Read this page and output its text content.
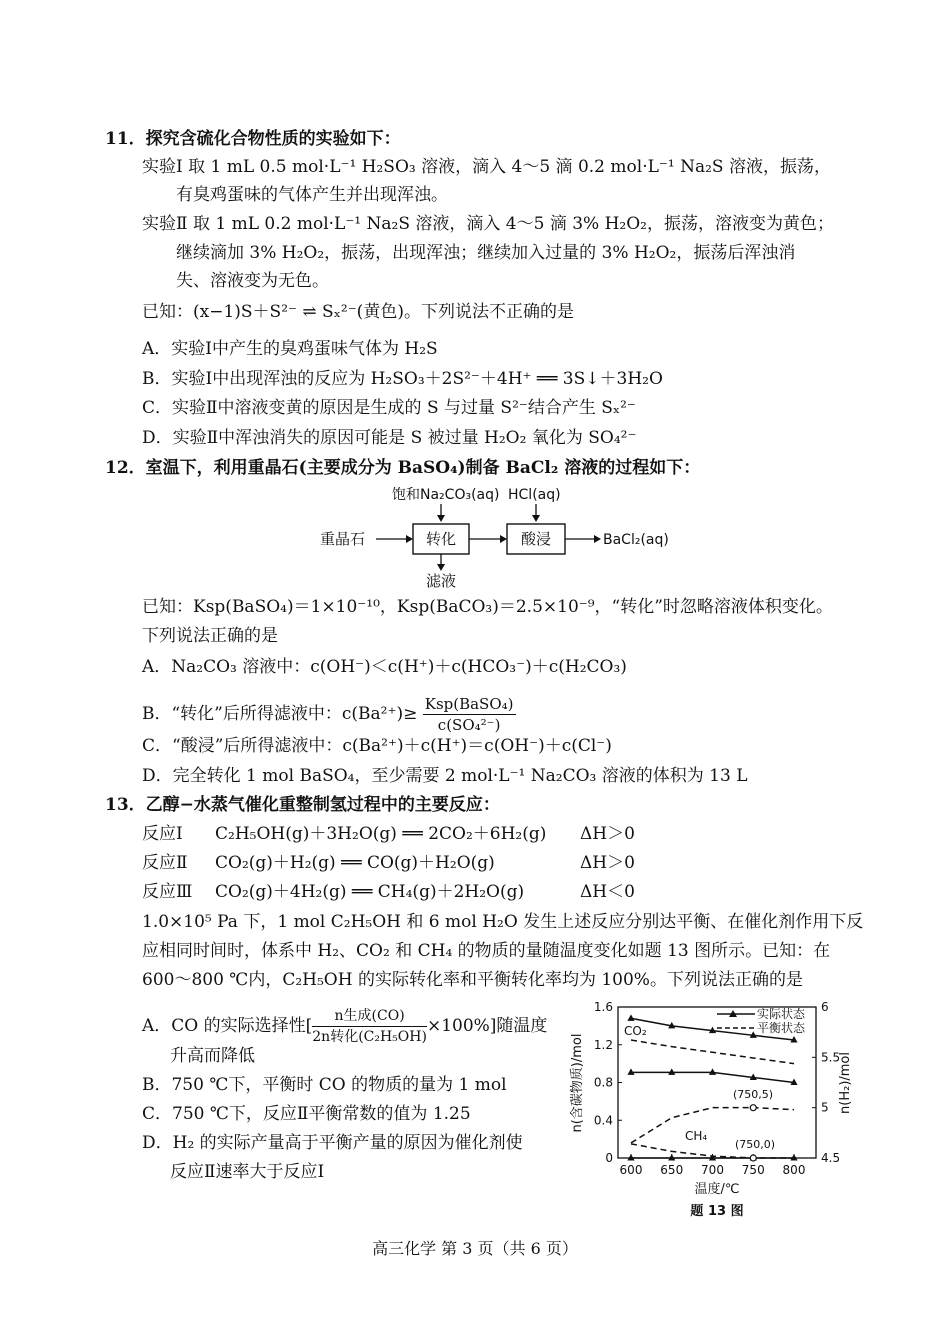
11．探究含硫化合物性质的实验如下：
实验Ⅰ 取 1 mL 0.5 mol·L⁻¹ H₂SO₃ 溶液，滴入 4～5 滴 0.2 mol·L⁻¹ Na₂S 溶液，振荡，
有臭鸡蛋味的气体产生并出现浑浊。
实验Ⅱ 取 1 mL 0.2 mol·L⁻¹ Na₂S 溶液，滴入 4～5 滴 3% H₂O₂，振荡，溶液变为黄色；
继续滴加 3% H₂O₂，振荡，出现浑浊；继续加入过量的 3% H₂O₂，振荡后浑浊消
失、溶液变为无色。
已知：(x−1)S＋S²⁻ ⇌ Sₓ²⁻(黄色)。下列说法不正确的是
A．实验Ⅰ中产生的臭鸡蛋味气体为 H₂S
B．实验Ⅰ中出现浑浊的反应为 H₂SO₃＋2S²⁻＋4H⁺ ══ 3S↓＋3H₂O
C．实验Ⅱ中溶液变黄的原因是生成的 S 与过量 S²⁻结合产生 Sₓ²⁻
D．实验Ⅱ中浑浊消失的原因可能是 S 被过量 H₂O₂ 氧化为 SO₄²⁻
12．室温下，利用重晶石(主要成分为 BaSO₄)制备 BaCl₂ 溶液的过程如下：
饱和Na₂CO₃(aq) HCl(aq)
重晶石	转化	酸浸	BaCl₂(aq)
滤液
已知：Ksp(BaSO₄)＝1×10⁻¹⁰，Ksp(BaCO₃)＝2.5×10⁻⁹，“转化”时忽略溶液体积变化。
下列说法正确的是
A．Na₂CO₃ 溶液中：c(OH⁻)＜c(H⁺)＋c(HCO₃⁻)＋c(H₂CO₃)
B．“转化”后所得滤液中：c(Ba²⁺)≥ Ksp(BaSO₄)
c(SO₄²⁻)
C．“酸浸”后所得滤液中：c(Ba²⁺)＋c(H⁺)＝c(OH⁻)＋c(Cl⁻)
D．完全转化 1 mol BaSO₄，至少需要 2 mol·L⁻¹ Na₂CO₃ 溶液的体积为 13 L
13．乙醇−水蒸气催化重整制氢过程中的主要反应：
反应Ⅰ C₂H₅OH(g)＋3H₂O(g) ══ 2CO₂＋6H₂(g) ΔH＞0
反应Ⅱ CO₂(g)＋H₂(g) ══ CO(g)＋H₂O(g)	ΔH＞0
反应Ⅲ CO₂(g)＋4H₂(g) ══ CH₄(g)＋2H₂O(g)	ΔH＜0
1.0×10⁵ Pa 下，1 mol C₂H₅OH 和 6 mol H₂O 发生上述反应分别达平衡、在催化剂作用下反
应相同时间时，体系中 H₂、CO₂ 和 CH₄ 的物质的量随温度变化如题 13 图所示。已知：在
600～800 ℃内，C₂H₅OH 的实际转化率和平衡转化率均为 100%。下列说法正确的是
A．CO 的实际选择性[	n生成(CO)
2n转化(C₂H₅OH)
×100%]随温度
升高而降低
B．750 ℃下，平衡时 CO 的物质的量为 1 mol
C．750 ℃下，反应Ⅱ平衡常数的值为 1.25
D．H₂ 的实际产量高于平衡产量的原因为催化剂使
反应Ⅱ速率大于反应Ⅰ
n(含碳物质)/mol	n(H₂)/mol
温度/℃
题 13 图
实际状态
平衡状态
CO₂
CH₄
(750,5)
(750,0)
600 650 700 750 800
0
0.4
0.8
1.2
1.6
4.5
5
5.5
6
高三化学 第 3 页（共 6 页）
